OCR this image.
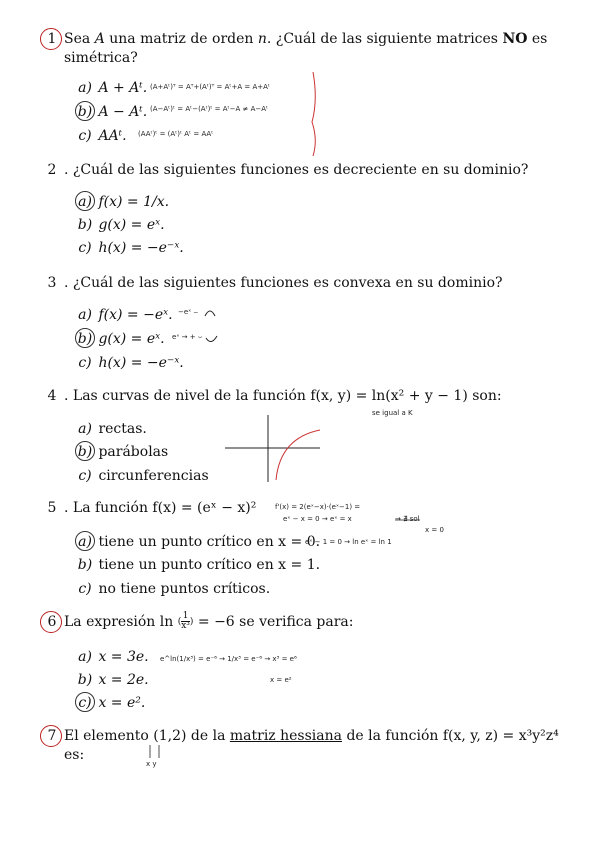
1 Sea A una matriz de orden n. ¿Cuál de las siguiente matrices NO es
simétrica?
a) A + Aᵗ.
b) A − Aᵗ.
c) AAᵗ.
(A+Aᵗ)ᵀ = Aᵀ+(Aᵗ)ᵀ = Aᵗ+A = A+Aᵗ
(A−Aᵗ)ᵗ = Aᵗ−(Aᵗ)ᵗ = Aᵗ−A ≠ A−Aᵗ
(AAᵗ)ᵗ = (Aᵗ)ᵗ Aᵗ = AAᵗ
2 . ¿Cuál de las siguientes funciones es decreciente en su dominio?
a) f(x) = 1/x.
b) g(x) = eˣ.
c) h(x) = −e⁻ˣ.
3 . ¿Cuál de las siguientes funciones es convexa en su dominio?
a) f(x) = −eˣ.
b) g(x) = eˣ.
c) h(x) = −e⁻ˣ.
−eˣ ⌢
eˣ → + ⌣
4 . Las curvas de nivel de la función f(x, y) = ln(x² + y − 1) son:
a) rectas.
b) parábolas
c) circunferencias
se igual a K
5 . La función f(x) = (eˣ − x)²
a) tiene un punto crítico en x = 0.
b) tiene un punto crítico en x = 1.
c) no tiene puntos críticos.
f'(x) = 2(eˣ−x)·(eˣ−1) =
eˣ − x = 0 → eˣ = x	→ ∄ sol
eˣ − 1 = 0 → ln eˣ = ln 1
x = 0
6 La expresión ln ( $\frac{1}{\text{x³}}$ ) = −6 se verifica para:
a) x = 3e.
b) x = 2e.
c) x = e².
e^ln(1/x³) = e⁻⁶ → 1/x³ = e⁻⁶ → x³ = e⁶
x = e²
7 El elemento (1,2) de la matriz hessiana de la función f(x, y, z) = x³y²z⁴
es:
x y
